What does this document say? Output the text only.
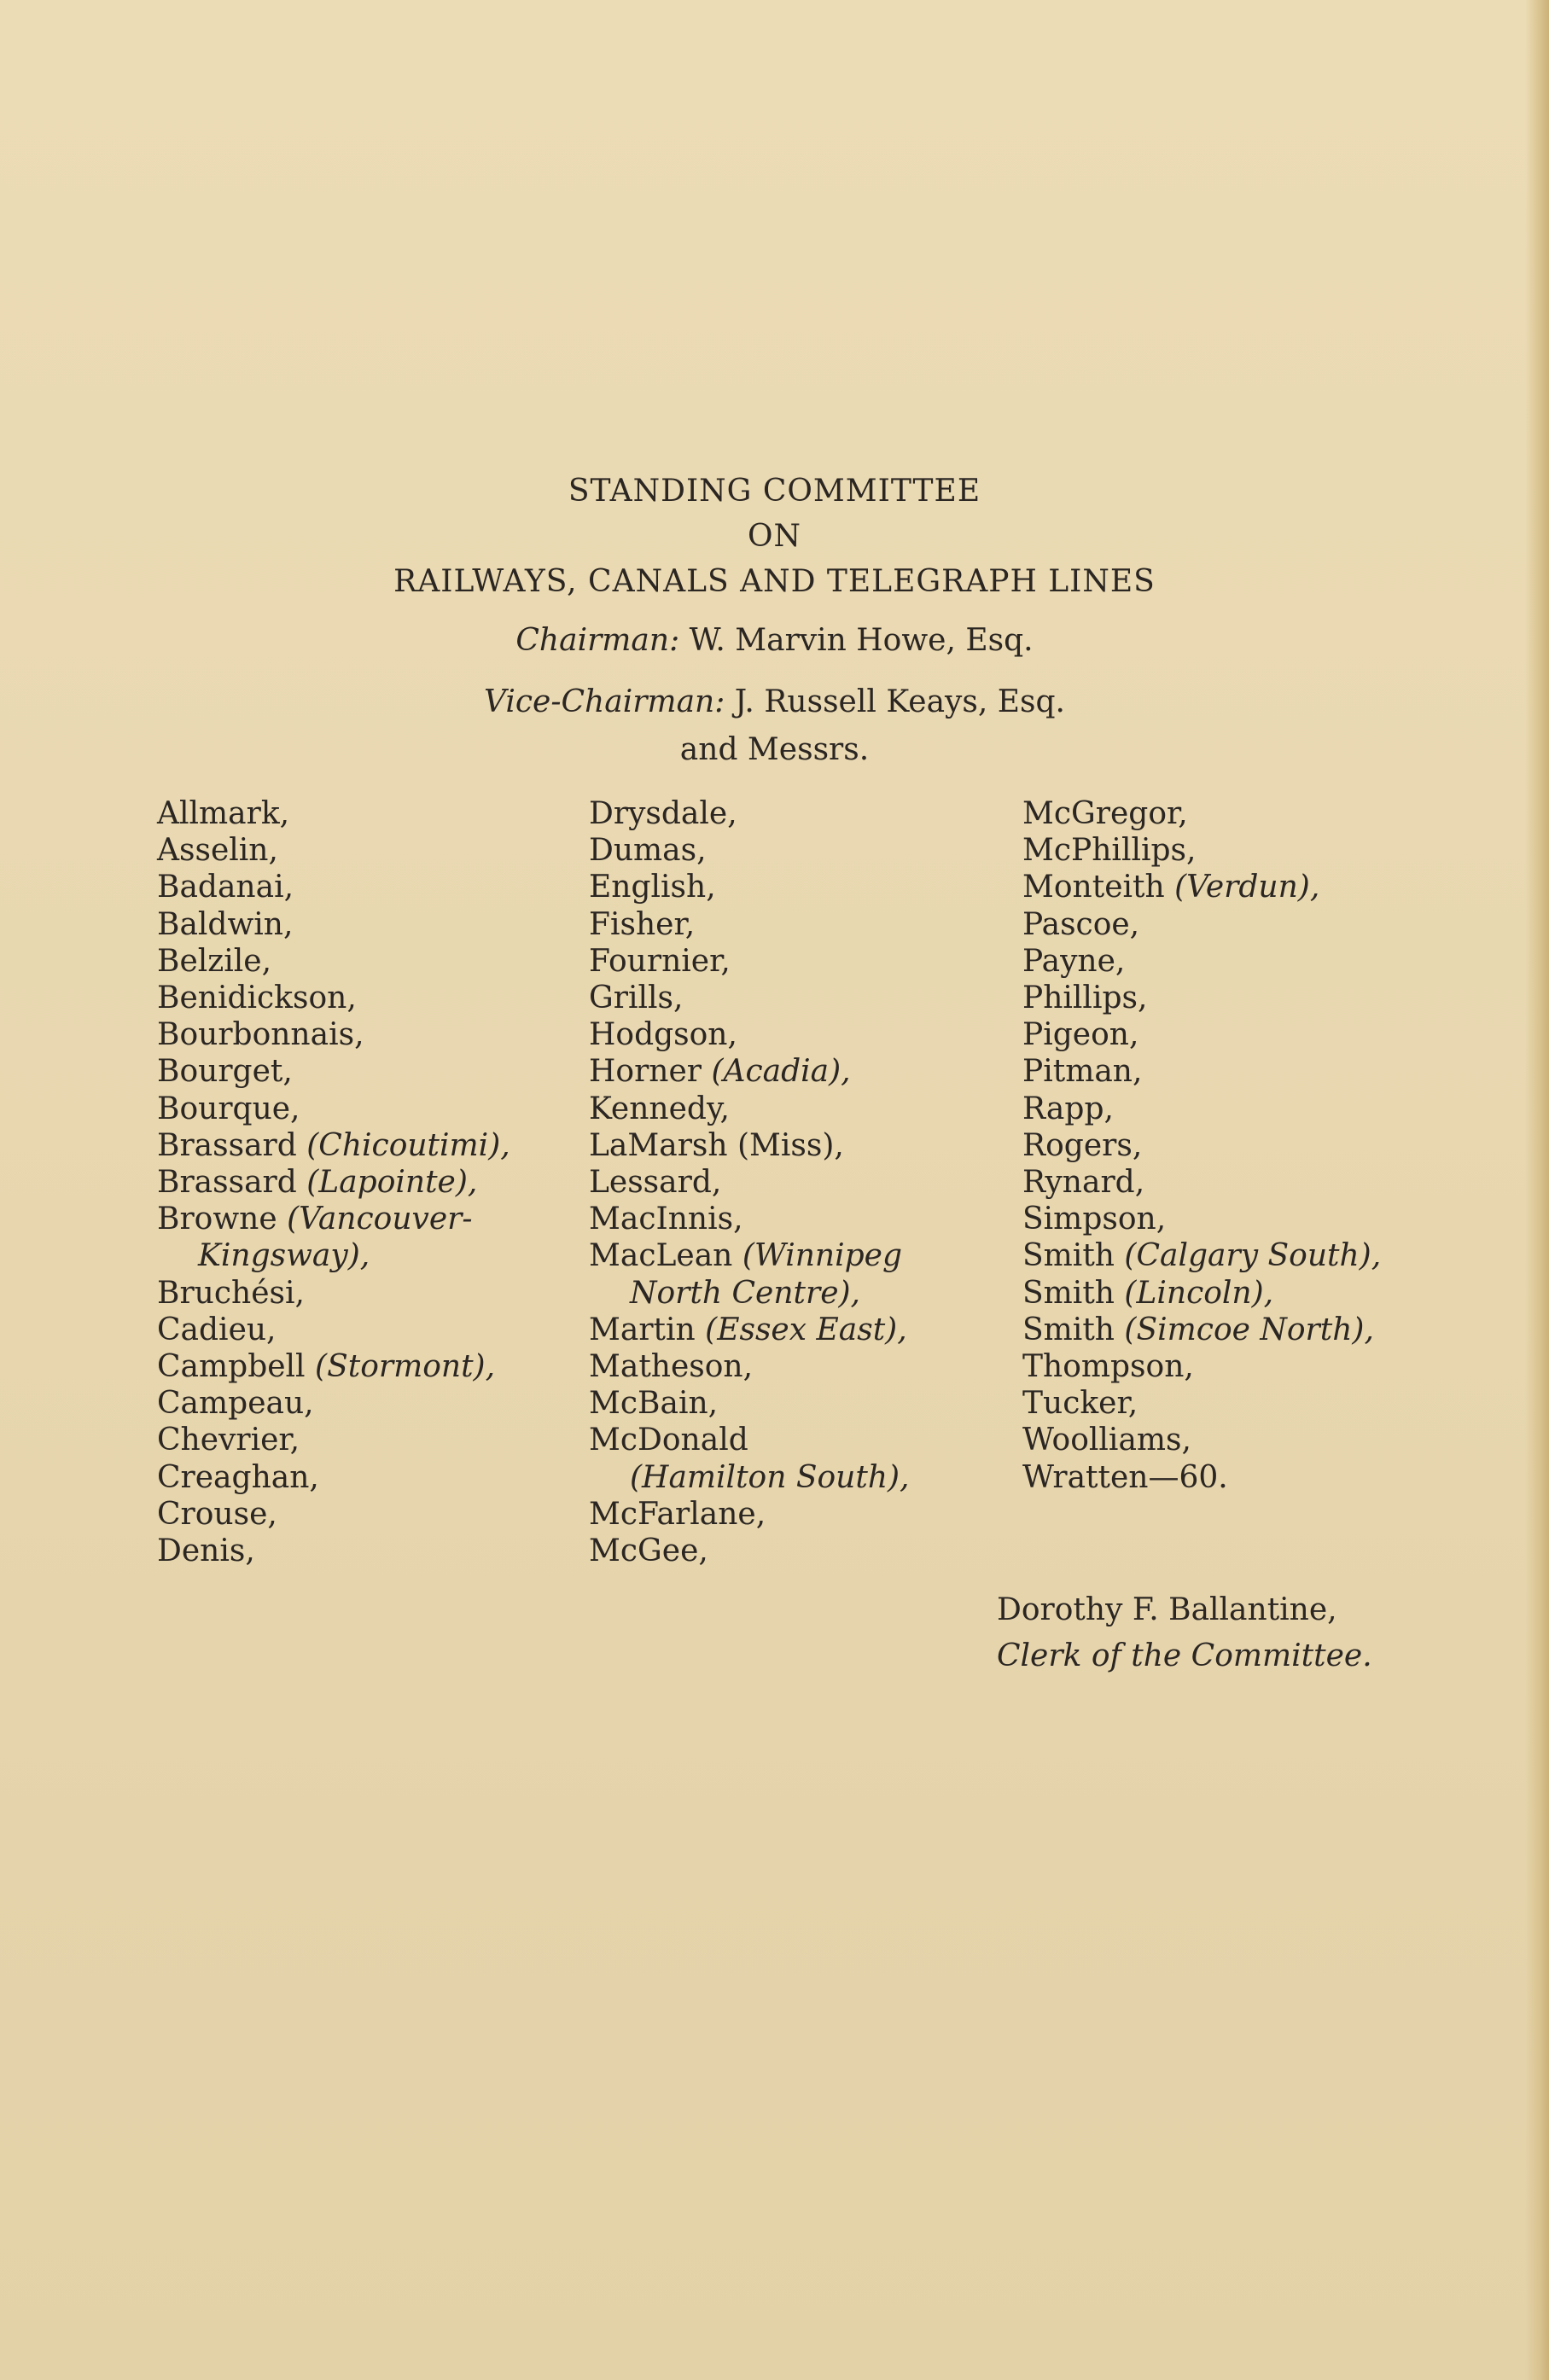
STANDING COMMITTEE
ON
RAILWAYS, CANALS AND TELEGRAPH LINES
Chairman: W. Marvin Howe, Esq.
Vice-Chairman: J. Russell Keays, Esq.
and Messrs.
Allmark,
Asselin,
Badanai,
Baldwin,
Belzile,
Benidickson,
Bourbonnais,
Bourget,
Bourque,
Brassard (Chicoutimi),
Brassard (Lapointe),
Browne (Vancouver-
Kingsway),
Bruchési,
Cadieu,
Campbell (Stormont),
Campeau,
Chevrier,
Creaghan,
Crouse,
Denis,
Drysdale,
Dumas,
English,
Fisher,
Fournier,
Grills,
Hodgson,
Horner (Acadia),
Kennedy,
LaMarsh (Miss),
Lessard,
MacInnis,
MacLean (Winnipeg
North Centre),
Martin (Essex East),
Matheson,
McBain,
McDonald
(Hamilton South),
McFarlane,
McGee,
McGregor,
McPhillips,
Monteith (Verdun),
Pascoe,
Payne,
Phillips,
Pigeon,
Pitman,
Rapp,
Rogers,
Rynard,
Simpson,
Smith (Calgary South),
Smith (Lincoln),
Smith (Simcoe North),
Thompson,
Tucker,
Woolliams,
Wratten—60.
Dorothy F. Ballantine,
Clerk of the Committee.
